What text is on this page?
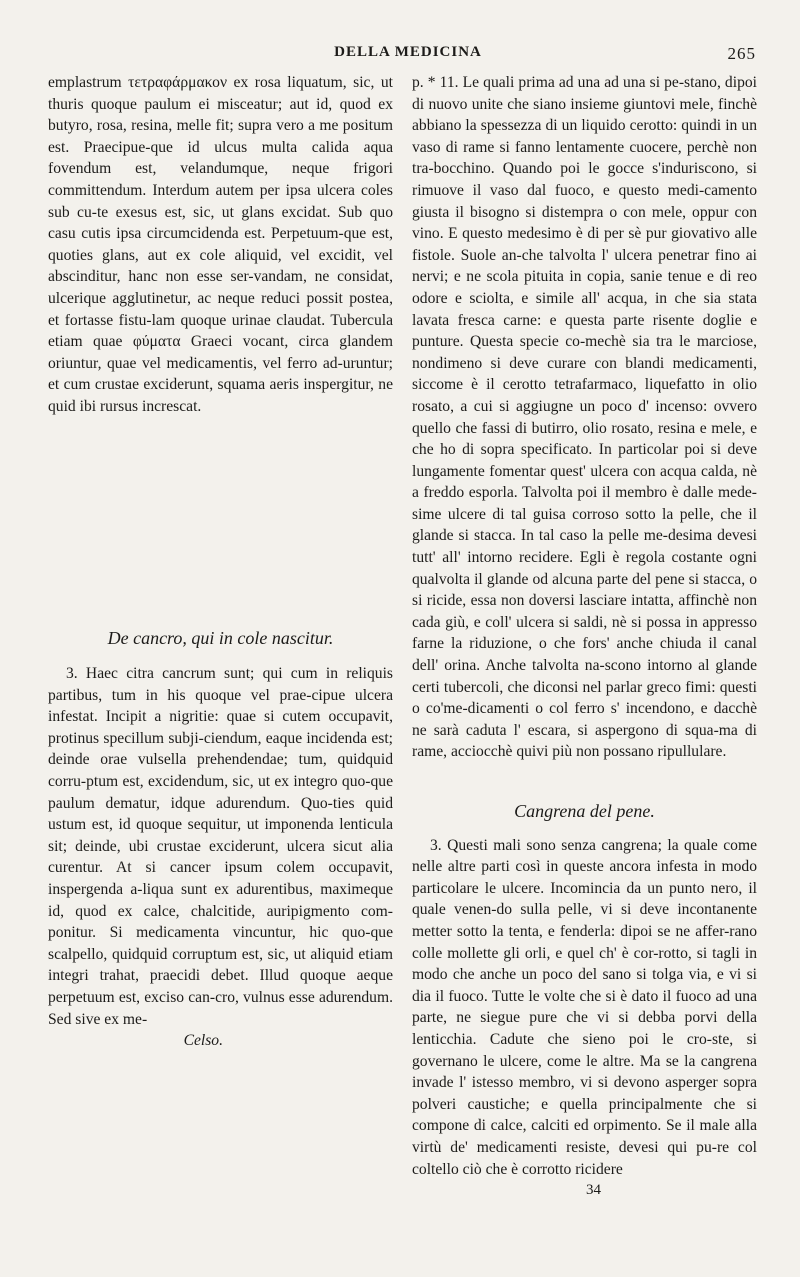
DELLA MEDICINA	265

emplastrum τετραφάρμακον ex rosa liquatum, sic, ut thuris quoque paulum ei misceatur; aut id, quod ex butyro, rosa, resina, melle fit; supra vero a me positum est. Praecipue-que id ulcus multa calida aqua fovendum est, velandumque, neque frigori committendum. Interdum autem per ipsa ulcera coles sub cu-te exesus est, sic, ut glans excidat. Sub quo casu cutis ipsa circumcidenda est. Perpetuum-que est, quoties glans, aut ex cole aliquid, vel excidit, vel abscinditur, hanc non esse ser-vandam, ne considat, ulcerique agglutinetur, ac neque reduci possit postea, et fortasse fistu-lam quoque urinae claudat. Tubercula etiam quae φύματα Graeci vocant, circa glandem oriuntur, quae vel medicamentis, vel ferro ad-uruntur; et cum crustae exciderunt, squama aeris inspergitur, ne quid ibi rursus increscat.

De cancro, qui in cole nascitur.

3. Haec citra cancrum sunt; qui cum in reliquis partibus, tum in his quoque vel prae-cipue ulcera infestat. Incipit a nigritie: quae si cutem occupavit, protinus specillum subji-ciendum, eaque incidenda est; deinde orae vulsella prehendendae; tum, quidquid corru-ptum est, excidendum, sic, ut ex integro quo-que paulum dematur, idque adurendum. Quo-ties quid ustum est, id quoque sequitur, ut imponenda lenticula sit; deinde, ubi crustae exciderunt, ulcera sicut alia curentur. At si cancer ipsum colem occupavit, inspergenda a-liqua sunt ex adurentibus, maximeque id, quod ex calce, chalcitide, auripigmento com-ponitur. Si medicamenta vincuntur, hic quo-que scalpello, quidquid corruptum est, sic, ut aliquid etiam integri trahat, praecidi debet. Illud quoque aeque perpetuum est, exciso can-cro, vulnus esse adurendum. Sed sive ex me-

Celso.

p. * 11. Le quali prima ad una ad una si pe-stano, dipoi di nuovo unite che siano insieme giuntovi mele, finchè abbiano la spessezza di un liquido cerotto: quindi in un vaso di rame si fanno lentamente cuocere, perchè non tra-bocchino. Quando poi le gocce s'induriscono, si rimuove il vaso dal fuoco, e questo medi-camento giusta il bisogno si distempra o con mele, oppur con vino. E questo medesimo è di per sè pur giovativo alle fistole. Suole an-che talvolta l' ulcera penetrar fino ai nervi; e ne scola pituita in copia, sanie tenue e di reo odore e sciolta, e simile all' acqua, in che sia stata lavata fresca carne: e questa parte risente doglie e punture. Questa specie co-mechè sia tra le marciose, nondimeno si deve curare con blandi medicamenti, siccome è il cerotto tetrafarmaco, liquefatto in olio rosato, a cui si aggiugne un poco d' incenso: ovvero quello che fassi di butirro, olio rosato, resina e mele, e che ho di sopra specificato. In particolar poi si deve lungamente fomentar quest' ulcera con acqua calda, nè a freddo esporla. Talvolta poi il membro è dalle mede-sime ulcere di tal guisa corroso sotto la pelle, che il glande si stacca. In tal caso la pelle me-desima devesi tutt' all' intorno recidere. Egli è regola costante ogni qualvolta il glande od alcuna parte del pene si stacca, o si ricide, essa non doversi lasciare intatta, affinchè non cada giù, e coll' ulcera si saldi, nè si possa in appresso farne la riduzione, o che fors' anche chiuda il canal dell' orina. Anche talvolta na-scono intorno al glande certi tubercoli, che diconsi nel parlar greco fimi: questi o co'me-dicamenti o col ferro s' incendono, e dacchè ne sarà caduta l' escara, si aspergono di squa-ma di rame, acciocchè quivi più non possano ripullulare.

Cangrena del pene.

3. Questi mali sono senza cangrena; la quale come nelle altre parti così in queste ancora infesta in modo particolare le ulcere. Incomincia da un punto nero, il quale venen-do sulla pelle, vi si deve incontanente metter sotto la tenta, e fenderla: dipoi se ne affer-rano colle mollette gli orli, e quel ch' è cor-rotto, si tagli in modo che anche un poco del sano si tolga via, e vi si dia il fuoco. Tutte le volte che si è dato il fuoco ad una parte, ne siegue pure che vi si debba porvi della lenticchia. Cadute che sieno poi le cro-ste, si governano le ulcere, come le altre. Ma se la cangrena invade l' istesso membro, vi si devono asperger sopra polveri caustiche; e quella principalmente che si compone di calce, calciti ed orpimento. Se il male alla virtù de' medicamenti resiste, devesi qui pu-re col coltello ciò che è corrotto ricidere

34
